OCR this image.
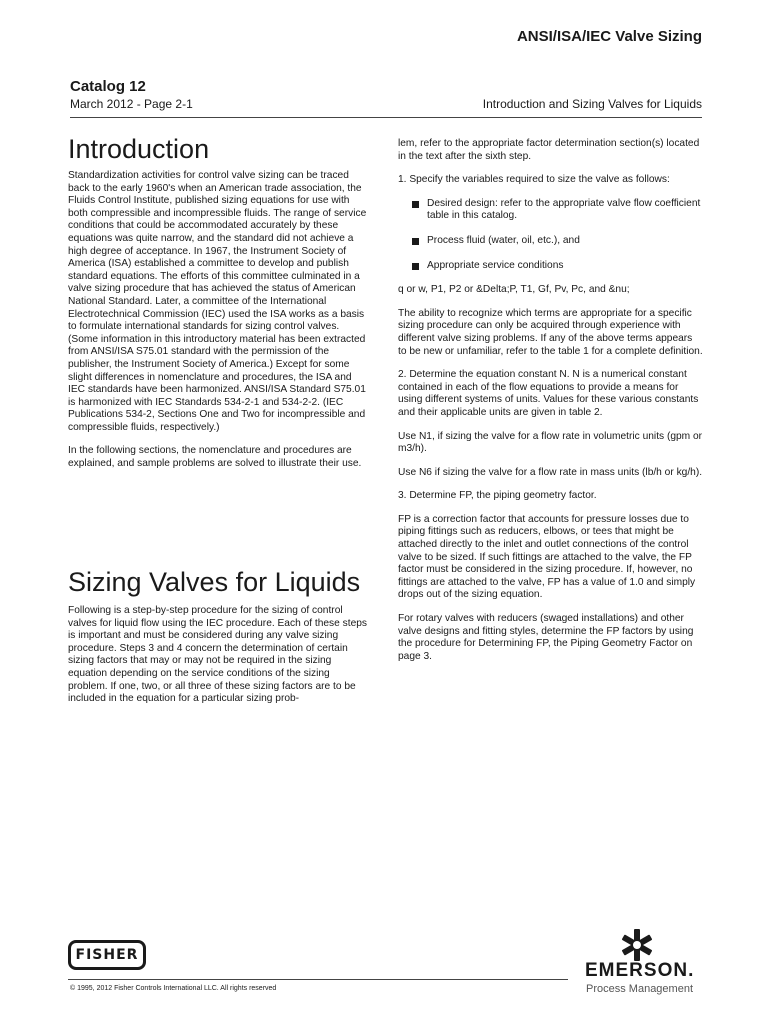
ANSI/ISA/IEC Valve Sizing
Catalog 12
March 2012 - Page 2-1	Introduction and Sizing Valves for Liquids
Introduction

Standardization activities for control valve sizing can be traced back to the early 1960's when an American trade association, the Fluids Control Institute, published sizing equations for use with both compressible and incompressible fluids. The range of service conditions that could be accommodated accurately by these equations was quite narrow, and the standard did not achieve a high degree of acceptance. In 1967, the Instrument Society of America (ISA) established a committee to develop and publish standard equations. The efforts of this committee culminated in a valve sizing procedure that has achieved the status of American National Standard. Later, a committee of the International Electrotechnical Commission (IEC) used the ISA works as a basis to formulate international standards for sizing control valves. (Some information in this introductory material has been extracted from ANSI/ISA S75.01 standard with the permission of the publisher, the Instrument Society of America.) Except for some slight differences in nomenclature and procedures, the ISA and IEC standards have been harmonized. ANSI/ISA Standard S75.01 is harmonized with IEC Standards 534-2-1 and 534-2-2. (IEC Publications 534-2, Sections One and Two for incompressible and compressible fluids, respectively.)

In the following sections, the nomenclature and procedures are explained, and sample problems are solved to illustrate their use.

Sizing Valves for Liquids

Following is a step-by-step procedure for the sizing of control valves for liquid flow using the IEC procedure. Each of these steps is important and must be considered during any valve sizing procedure. Steps 3 and 4 concern the determination of certain sizing factors that may or may not be required in the sizing equation depending on the service conditions of the sizing problem. If one, two, or all three of these sizing factors are to be included in the equation for a particular sizing prob-

lem, refer to the appropriate factor determination section(s) located in the text after the sixth step.

1. Specify the variables required to size the valve as follows:

Desired design: refer to the appropriate valve flow coefficient table in this catalog.
Process fluid (water, oil, etc.), and
Appropriate service conditions

q or w, P1, P2 or &Delta;P, T1, Gf, Pv, Pc, and &nu;

The ability to recognize which terms are appropriate for a specific sizing procedure can only be acquired through experience with different valve sizing problems. If any of the above terms appears to be new or unfamiliar, refer to the table 1 for a complete definition.

2. Determine the equation constant N. N is a numerical constant contained in each of the flow equations to provide a means for using different systems of units. Values for these various constants and their applicable units are given in table 2.

Use N1, if sizing the valve for a flow rate in volumetric units (gpm or m3/h).

Use N6 if sizing the valve for a flow rate in mass units (lb/h or kg/h).

3. Determine FP, the piping geometry factor.

FP is a correction factor that accounts for pressure losses due to piping fittings such as reducers, elbows, or tees that might be attached directly to the inlet and outlet connections of the control valve to be sized. If such fittings are attached to the valve, the FP factor must be considered in the sizing procedure. If, however, no fittings are attached to the valve, FP has a value of 1.0 and simply drops out of the sizing equation.

For rotary valves with reducers (swaged installations) and other valve designs and fitting styles, determine the FP factors by using the procedure for Determining FP, the Piping Geometry Factor on page 3.

FISHER
© 1995, 2012 Fisher Controls International LLC. All rights reserved
EMERSON.
Process Management
